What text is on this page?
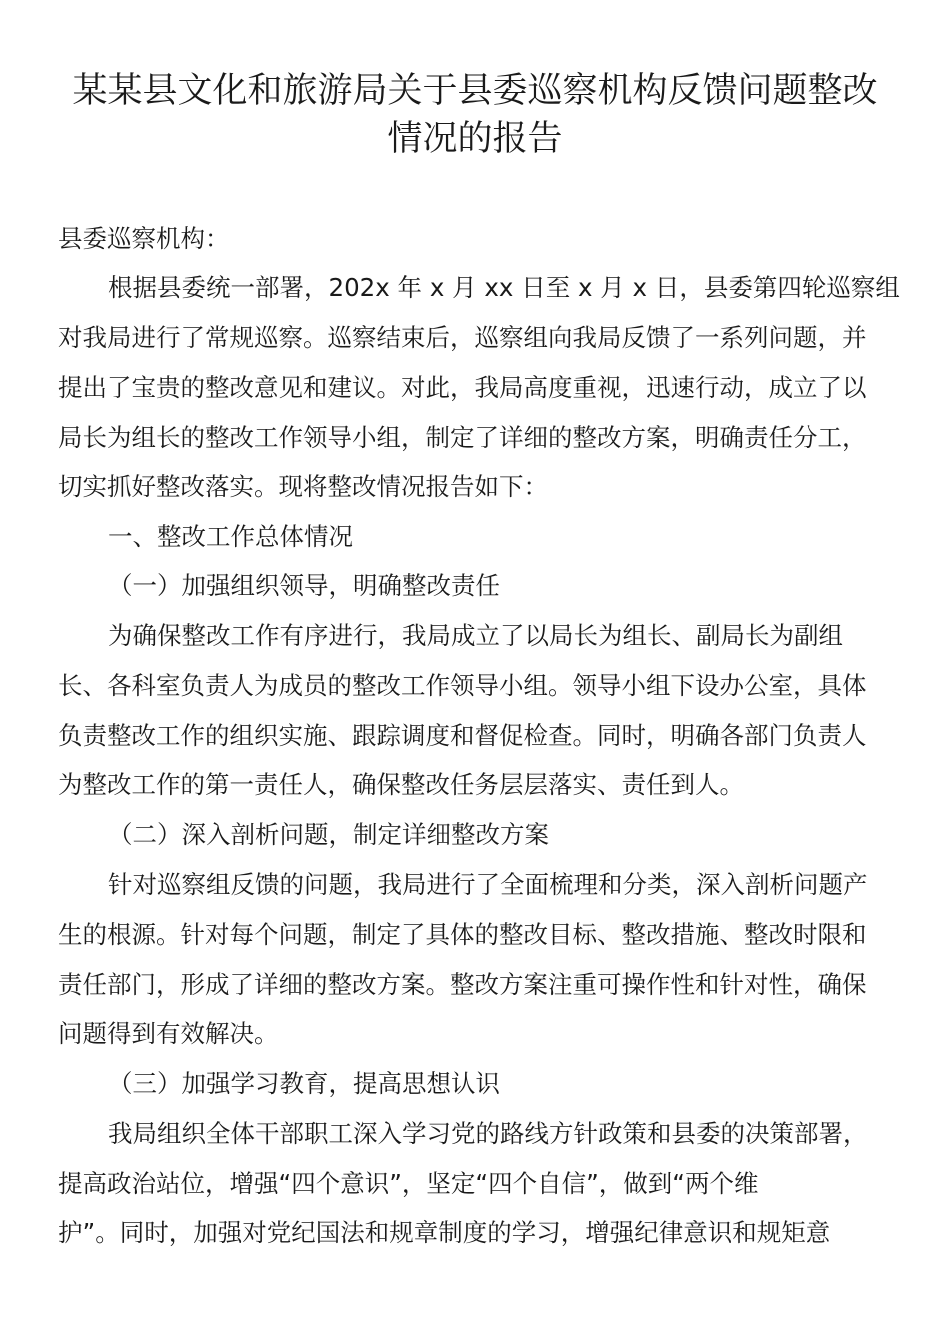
某某县文化和旅游局关于县委巡察机构反馈问题整改
情况的报告
县委巡察机构：
根据县委统一部署，202x 年 x 月 xx 日至 x 月 x 日，县委第四轮巡察组
对我局进行了常规巡察。巡察结束后，巡察组向我局反馈了一系列问题，并
提出了宝贵的整改意见和建议。对此，我局高度重视，迅速行动，成立了以
局长为组长的整改工作领导小组，制定了详细的整改方案，明确责任分工，
切实抓好整改落实。现将整改情况报告如下：
一、整改工作总体情况
（一）加强组织领导，明确整改责任
为确保整改工作有序进行，我局成立了以局长为组长、副局长为副组
长、各科室负责人为成员的整改工作领导小组。领导小组下设办公室，具体
负责整改工作的组织实施、跟踪调度和督促检查。同时，明确各部门负责人
为整改工作的第一责任人，确保整改任务层层落实、责任到人。
（二）深入剖析问题，制定详细整改方案
针对巡察组反馈的问题，我局进行了全面梳理和分类，深入剖析问题产
生的根源。针对每个问题，制定了具体的整改目标、整改措施、整改时限和
责任部门，形成了详细的整改方案。整改方案注重可操作性和针对性，确保
问题得到有效解决。
（三）加强学习教育，提高思想认识
我局组织全体干部职工深入学习党的路线方针政策和县委的决策部署，
提高政治站位，增强“四个意识”，坚定“四个自信”，做到“两个维
护”。同时，加强对党纪国法和规章制度的学习，增强纪律意识和规矩意
